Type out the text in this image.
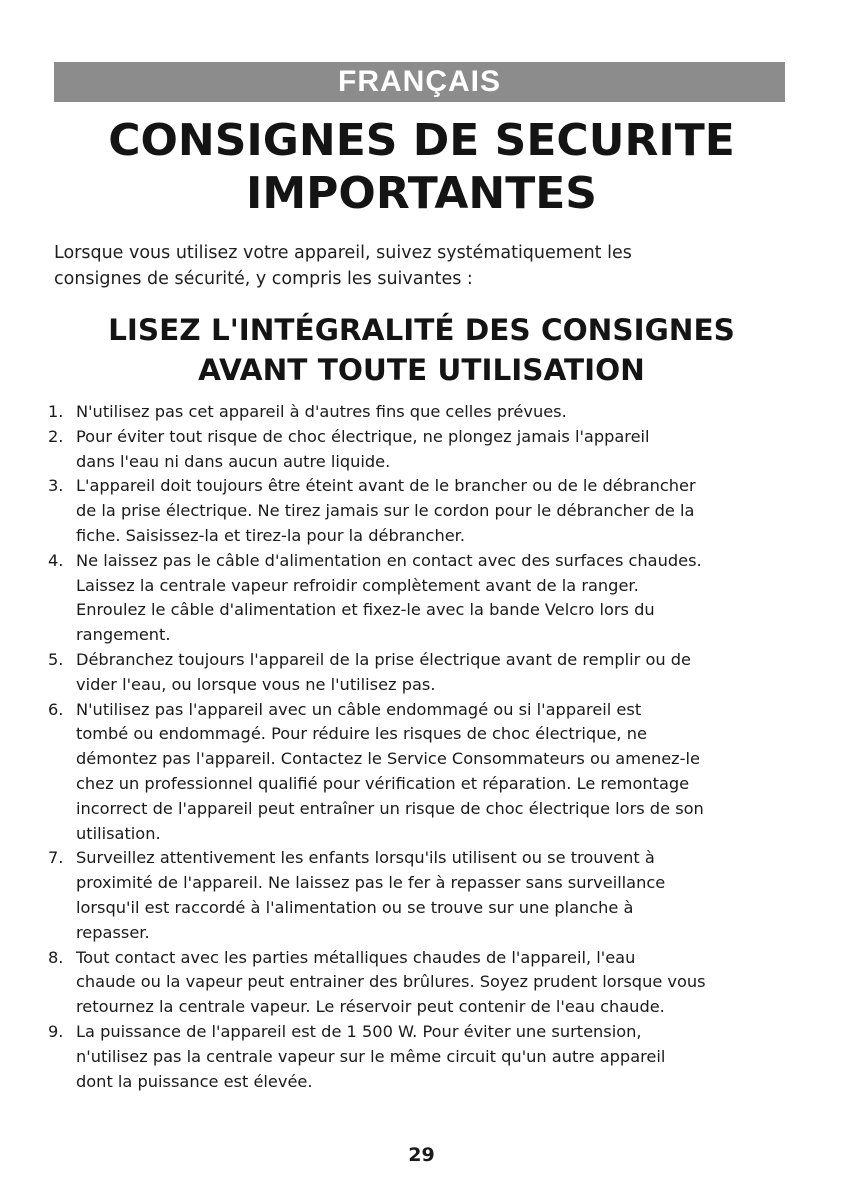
FRANÇAIS
CONSIGNES DE SECURITE
IMPORTANTES
Lorsque vous utilisez votre appareil, suivez systématiquement les
consignes de sécurité, y compris les suivantes :
LISEZ L'INTÉGRALITÉ DES CONSIGNES
AVANT TOUTE UTILISATION
1. N'utilisez pas cet appareil à d'autres fins que celles prévues.
2. Pour éviter tout risque de choc électrique, ne plongez jamais l'appareil
dans l'eau ni dans aucun autre liquide.
3. L'appareil doit toujours être éteint avant de le brancher ou de le débrancher
de la prise électrique. Ne tirez jamais sur le cordon pour le débrancher de la
fiche. Saisissez-la et tirez-la pour la débrancher.
4. Ne laissez pas le câble d'alimentation en contact avec des surfaces chaudes.
Laissez la centrale vapeur refroidir complètement avant de la ranger.
Enroulez le câble d'alimentation et fixez-le avec la bande Velcro lors du
rangement.
5. Débranchez toujours l'appareil de la prise électrique avant de remplir ou de
vider l'eau, ou lorsque vous ne l'utilisez pas.
6. N'utilisez pas l'appareil avec un câble endommagé ou si l'appareil est
tombé ou endommagé. Pour réduire les risques de choc électrique, ne
démontez pas l'appareil. Contactez le Service Consommateurs ou amenez-le
chez un professionnel qualifié pour vérification et réparation. Le remontage
incorrect de l'appareil peut entraîner un risque de choc électrique lors de son
utilisation.
7. Surveillez attentivement les enfants lorsqu'ils utilisent ou se trouvent à
proximité de l'appareil. Ne laissez pas le fer à repasser sans surveillance
lorsqu'il est raccordé à l'alimentation ou se trouve sur une planche à
repasser.
8. Tout contact avec les parties métalliques chaudes de l'appareil, l'eau
chaude ou la vapeur peut entrainer des brûlures. Soyez prudent lorsque vous
retournez la centrale vapeur. Le réservoir peut contenir de l'eau chaude.
9. La puissance de l'appareil est de 1 500 W. Pour éviter une surtension,
n'utilisez pas la centrale vapeur sur le même circuit qu'un autre appareil
dont la puissance est élevée.
29
